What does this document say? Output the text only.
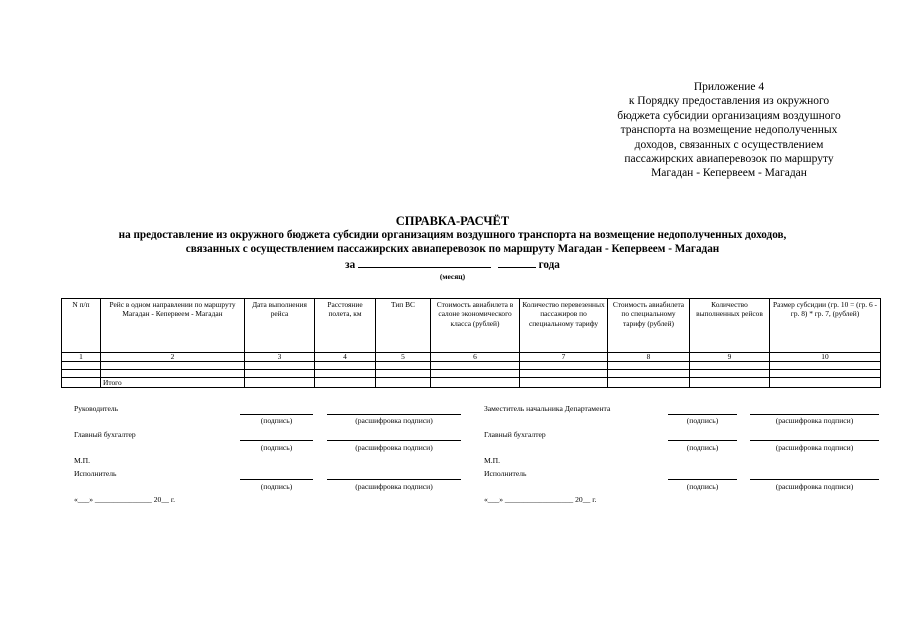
Приложение 4
к Порядку предоставления из окружного
бюджета субсидии организациям воздушного
транспорта на возмещение недополученных
доходов, связанных с осуществлением
пассажирских авиаперевозок по маршруту
Магадан - Кепервеем - Магадан
СПРАВКА-РАСЧЁТ
на предоставление из окружного бюджета субсидии организациям воздушного транспорта на возмещение недополученных доходов,
связанных с осуществлением пассажирских авиаперевозок по маршруту Магадан - Кепервеем - Магадан
за	года
(месяц)
N п/п	Рейс в одном направлении по маршруту Магадан - Кепервеем - Магадан	Дата выполнения рейса	Расстояние полета, км	Тип ВС	Стоимость авиабилета в салоне экономического класса (рублей)	Количество перевезенных пассажиров по специальному тарифу	Стоимость авиабилета по специальному тарифу (рублей)	Количество выполненных рейсов	Размер субсидии (гр. 10 = (гр. 6 - гр. 8) * гр. 7, (рублей)
1	2	3	4	5	6	7	8	9	10

	Итого								
Руководитель
(подпись)	(расшифровка подписи)
Главный бухгалтер
(подпись)	(расшифровка подписи)
М.П.
Исполнитель
(подпись)	(расшифровка подписи)
«___» _______________ 20__ г.
Заместитель начальника Департамента
(подпись)	(расшифровка подписи)
Главный бухгалтер
(подпись)	(расшифровка подписи)
М.П.
Исполнитель
(подпись)	(расшифровка подписи)
«___» __________________ 20__ г.
